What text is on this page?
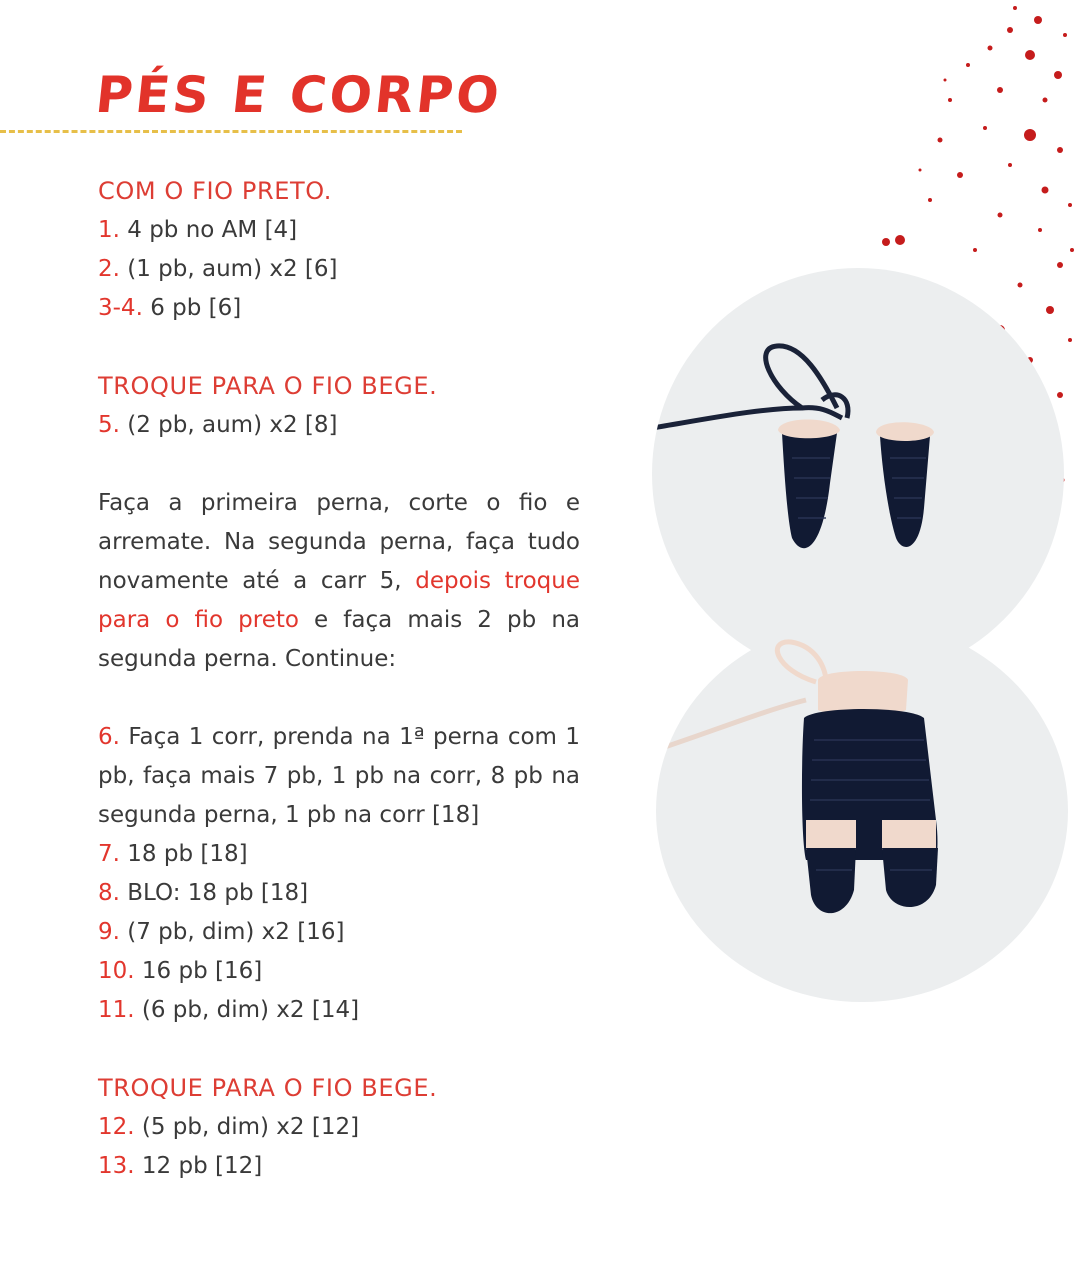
PÉS E CORPO
COM O FIO PRETO.
1. 4 pb no AM [4]
2. (1 pb, aum) x2 [6]
3-4. 6 pb [6]
TROQUE PARA O FIO BEGE.
5. (2 pb, aum) x2 [8]
Faça a primeira perna, corte o fio e arremate. Na segunda perna, faça tudo novamente até a carr 5, depois troque para o fio preto e faça mais 2 pb na segunda perna. Continue:
6. Faça 1 corr, prenda na 1ª perna com 1 pb, faça mais 7 pb, 1 pb na corr, 8 pb na segunda perna, 1 pb na corr [18]
7. 18 pb [18]
8. BLO: 18 pb [18]
9. (7 pb, dim) x2 [16]
10. 16 pb [16]
11. (6 pb, dim) x2 [14]
TROQUE PARA O FIO BEGE.
12. (5 pb, dim) x2 [12]
13. 12 pb [12]
